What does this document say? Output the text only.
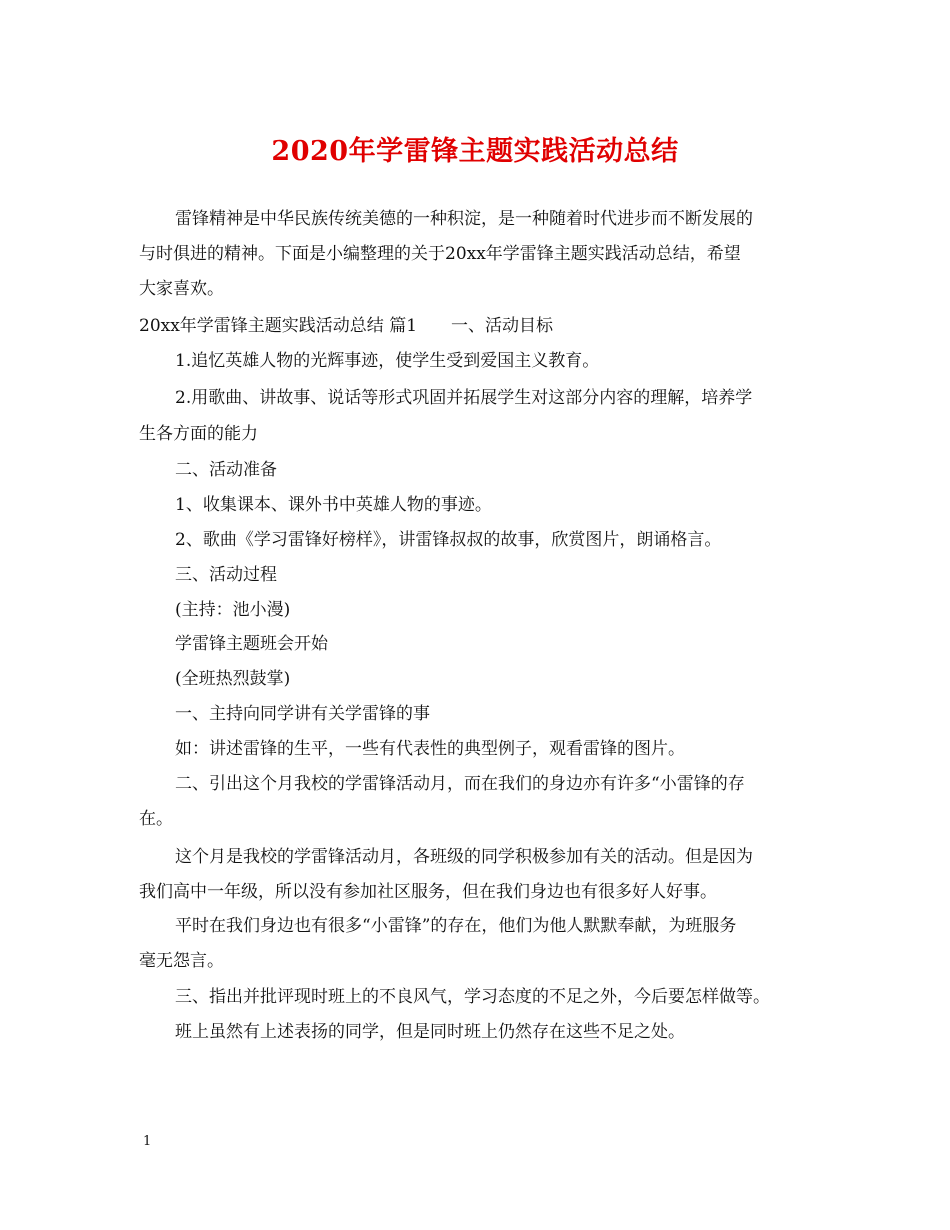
2020年学雷锋主题实践活动总结

雷锋精神是中华民族传统美德的一种积淀，是一种随着时代进步而不断发展的

与时俱进的精神。下面是小编整理的关于20xx年学雷锋主题实践活动总结，希望

大家喜欢。

20xx年学雷锋主题实践活动总结 篇1　　一、活动目标

1.追忆英雄人物的光辉事迹，使学生受到爱国主义教育。

2.用歌曲、讲故事、说话等形式巩固并拓展学生对这部分内容的理解，培养学

生各方面的能力

二、活动准备

1、收集课本、课外书中英雄人物的事迹。

2、歌曲《学习雷锋好榜样》，讲雷锋叔叔的故事，欣赏图片，朗诵格言。

三、活动过程

(主持：池小漫)

学雷锋主题班会开始

(全班热烈鼓掌)

一、主持向同学讲有关学雷锋的事

如：讲述雷锋的生平，一些有代表性的典型例子，观看雷锋的图片。

二、引出这个月我校的学雷锋活动月，而在我们的身边亦有许多“小雷锋的存

在。

这个月是我校的学雷锋活动月，各班级的同学积极参加有关的活动。但是因为

我们高中一年级，所以没有参加社区服务，但在我们身边也有很多好人好事。

平时在我们身边也有很多“小雷锋”的存在，他们为他人默默奉献，为班服务

毫无怨言。

三、指出并批评现时班上的不良风气，学习态度的不足之外，今后要怎样做等。

班上虽然有上述表扬的同学，但是同时班上仍然存在这些不足之处。

1
